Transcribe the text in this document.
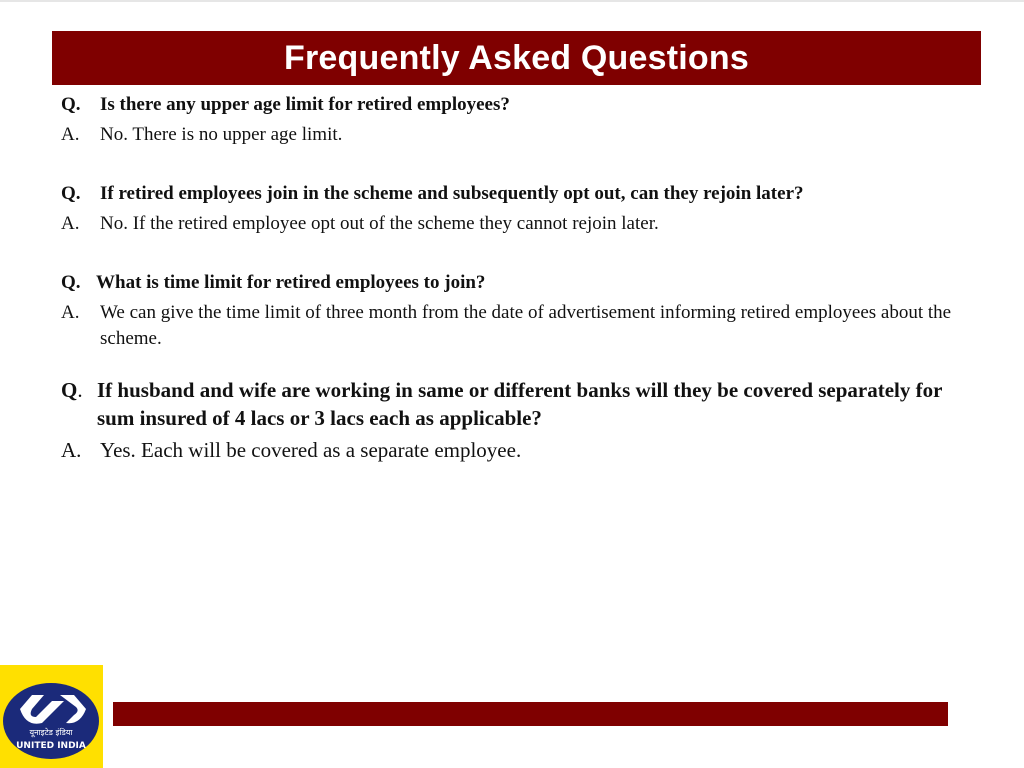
Frequently Asked Questions
Q.	Is there any upper age limit for retired employees?
A.	No. There is no upper age limit.
Q.	If retired employees join in the scheme and subsequently opt out, can they rejoin later?
A.	No. If the retired employee opt out of the scheme they cannot rejoin later.
Q. What is time limit for retired employees to join?
A.	We can give the time limit of three month from the date of advertisement informing retired employees about the scheme.
Q. If husband and wife are working in same or different banks will they be covered separately for sum insured of 4 lacs or 3 lacs each as applicable?
A. Yes. Each will be covered as a separate employee.
यूनाइटेड इंडिया
UNITED INDIA
